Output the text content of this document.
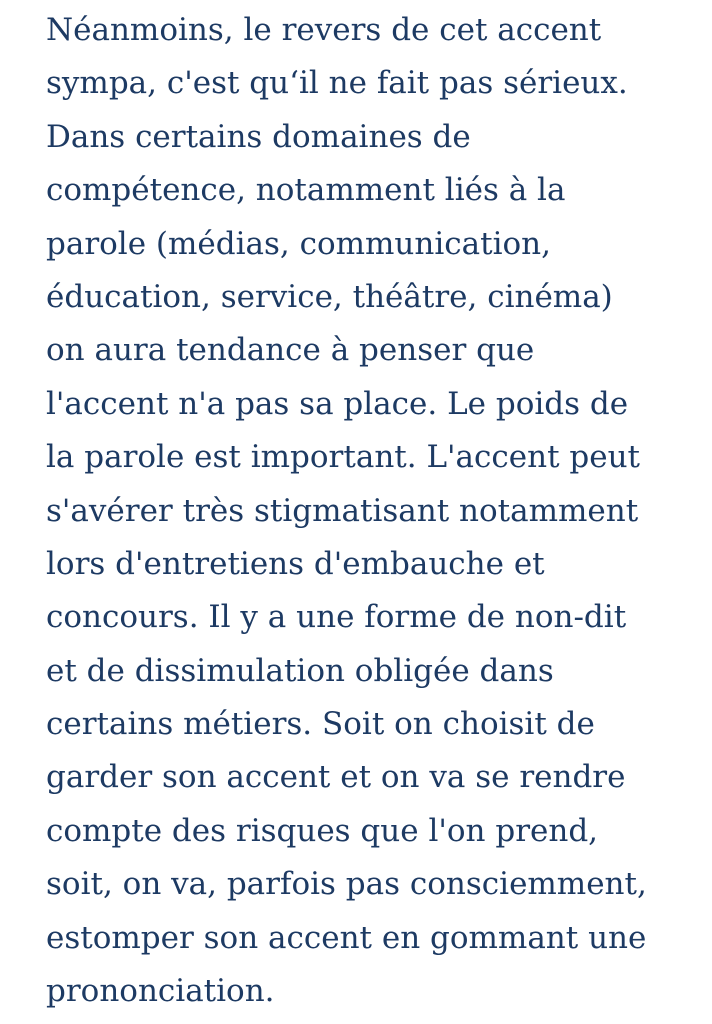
Néanmoins, le revers de cet accent
sympa, c'est qu‘il ne fait pas sérieux.
Dans certains domaines de
compétence, notamment liés à la
parole (médias, communication,
éducation, service, théâtre, cinéma)
on aura tendance à penser que
l'accent n'a pas sa place. Le poids de
la parole est important. L'accent peut
s'avérer très stigmatisant notamment
lors d'entretiens d'embauche et
concours. Il y a une forme de non-dit
et de dissimulation obligée dans
certains métiers. Soit on choisit de
garder son accent et on va se rendre
compte des risques que l'on prend,
soit, on va, parfois pas consciemment,
estomper son accent en gommant une
prononciation.
